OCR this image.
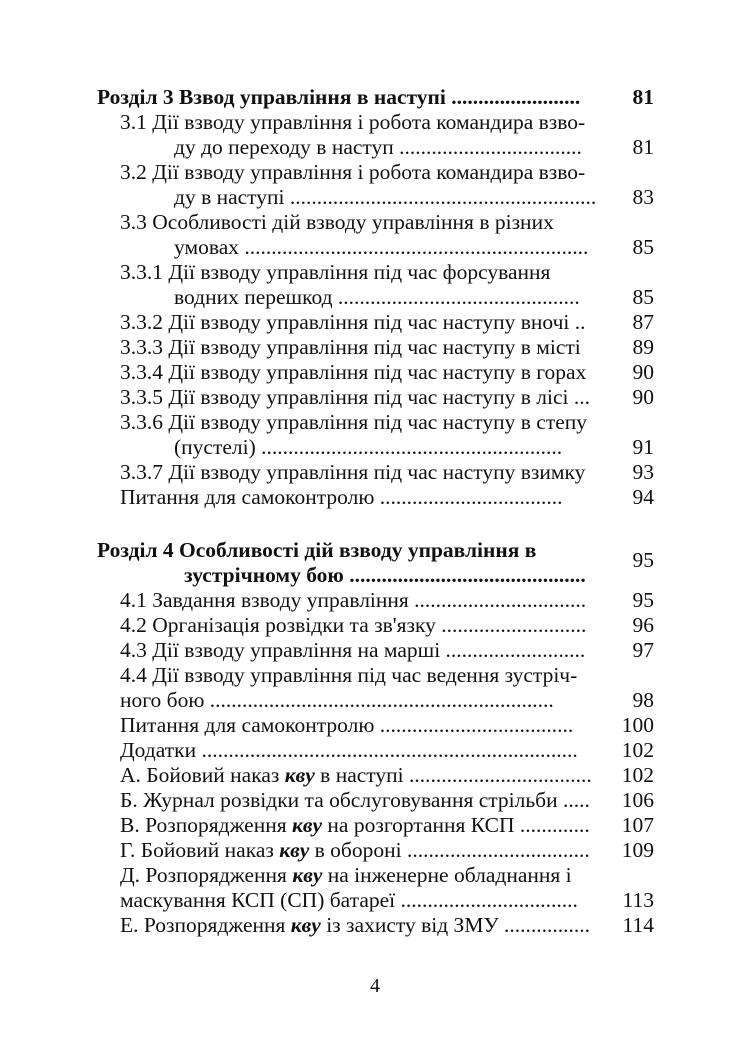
Розділ 3 Взвод управління в наступі ........................ 81
3.1 Дії взводу управління і робота командира взво-
ду до переходу в наступ .................................. 81
3.2 Дії взводу управління і робота командира взво-
ду в наступі ......................................................... 83
3.3 Особливості дій взводу управління в різних
умовах ................................................................ 85
3.3.1 Дії взводу управління під час форсування
водних перешкод ............................................. 85
3.3.2 Дії взводу управління під час наступу вночі .. 87
3.3.3 Дії взводу управління під час наступу в місті 89
3.3.4 Дії взводу управління під час наступу в горах 90
3.3.5 Дії взводу управління під час наступу в лісі ... 90
3.3.6 Дії взводу управління під час наступу в степу
(пустелі) ........................................................	91
3.3.7 Дії взводу управління під час наступу взимку 93
Питання для самоконтролю ..................................	94
Розділ 4 Особливості дій взводу управління в
зустрічному бою ............................................
95
4.1 Завдання взводу управління ................................ 95
4.2 Організація розвідки та зв'язку ........................... 96
4.3 Дії взводу управління на марші .......................... 97
4.4 Дії взводу управління під час ведення зустріч-
ного бою ................................................................	98
Питання для самоконтролю .................................... 100
Додатки ...................................................................... 102
А. Бойовий наказ кву в наступі .................................. 102
Б. Журнал розвідки та обслуговування стрільби ..... 106
В. Розпорядження кву на розгортання КСП ............. 107
Г. Бойовий наказ кву в обороні .................................. 109
Д. Розпорядження кву на інженерне обладнання і
маскування КСП (СП) батареї ................................. 113
Е. Розпорядження кву із захисту від ЗМУ ................ 114
4
